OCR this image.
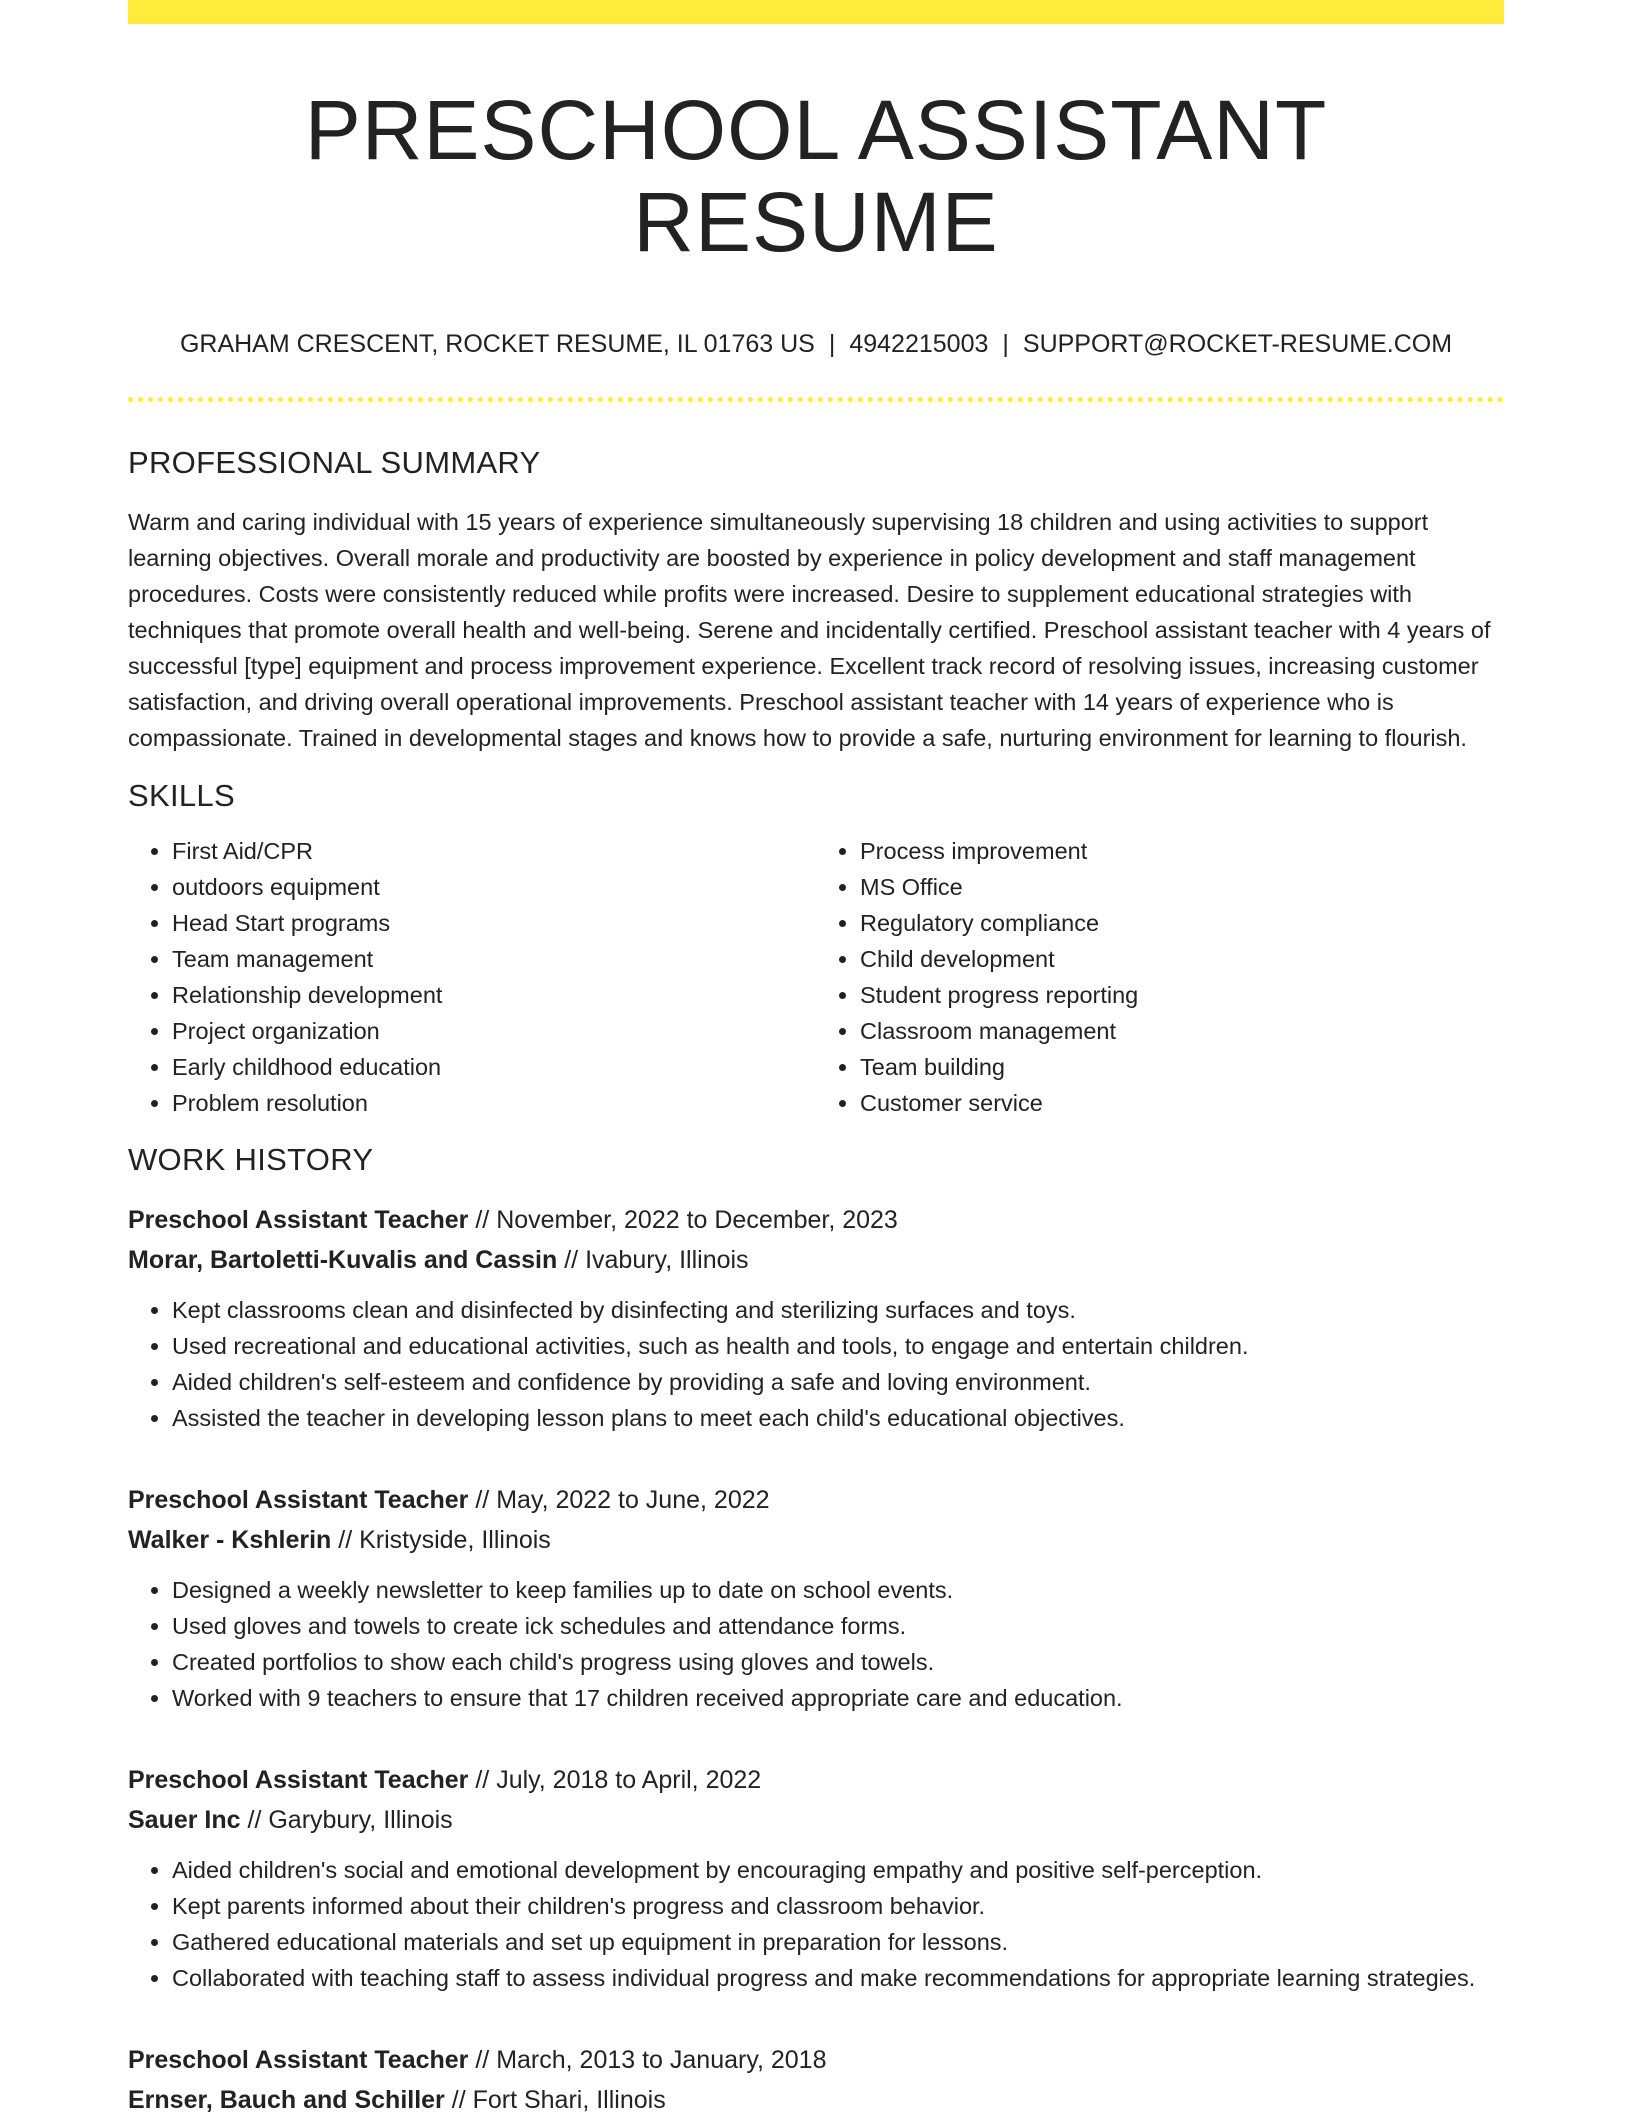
PRESCHOOL ASSISTANT RESUME
GRAHAM CRESCENT, ROCKET RESUME, IL 01763 US | 4942215003 | SUPPORT@ROCKET-RESUME.COM
PROFESSIONAL SUMMARY

Warm and caring individual with 15 years of experience simultaneously supervising 18 children and using activities to support learning objectives. Overall morale and productivity are boosted by experience in policy development and staff management procedures. Costs were consistently reduced while profits were increased. Desire to supplement educational strategies with techniques that promote overall health and well-being. Serene and incidentally certified. Preschool assistant teacher with 4 years of successful [type] equipment and process improvement experience. Excellent track record of resolving issues, increasing customer satisfaction, and driving overall operational improvements. Preschool assistant teacher with 14 years of experience who is compassionate. Trained in developmental stages and knows how to provide a safe, nurturing environment for learning to flourish.

SKILLS
• First Aid/CPR
• outdoors equipment
• Head Start programs
• Team management
• Relationship development
• Project organization
• Early childhood education
• Problem resolution
• Process improvement
• MS Office
• Regulatory compliance
• Child development
• Student progress reporting
• Classroom management
• Team building
• Customer service
WORK HISTORY
Preschool Assistant Teacher // November, 2022 to December, 2023
Morar, Bartoletti-Kuvalis and Cassin // Ivabury, Illinois
• Kept classrooms clean and disinfected by disinfecting and sterilizing surfaces and toys.
• Used recreational and educational activities, such as health and tools, to engage and entertain children.
• Aided children's self-esteem and confidence by providing a safe and loving environment.
• Assisted the teacher in developing lesson plans to meet each child's educational objectives.
Preschool Assistant Teacher // May, 2022 to June, 2022
Walker - Kshlerin // Kristyside, Illinois
• Designed a weekly newsletter to keep families up to date on school events.
• Used gloves and towels to create ick schedules and attendance forms.
• Created portfolios to show each child's progress using gloves and towels.
• Worked with 9 teachers to ensure that 17 children received appropriate care and education.
Preschool Assistant Teacher // July, 2018 to April, 2022
Sauer Inc // Garybury, Illinois
• Aided children's social and emotional development by encouraging empathy and positive self-perception.
• Kept parents informed about their children's progress and classroom behavior.
• Gathered educational materials and set up equipment in preparation for lessons.
• Collaborated with teaching staff to assess individual progress and make recommendations for appropriate learning strategies.
Preschool Assistant Teacher // March, 2013 to January, 2018
Ernser, Bauch and Schiller // Fort Shari, Illinois
